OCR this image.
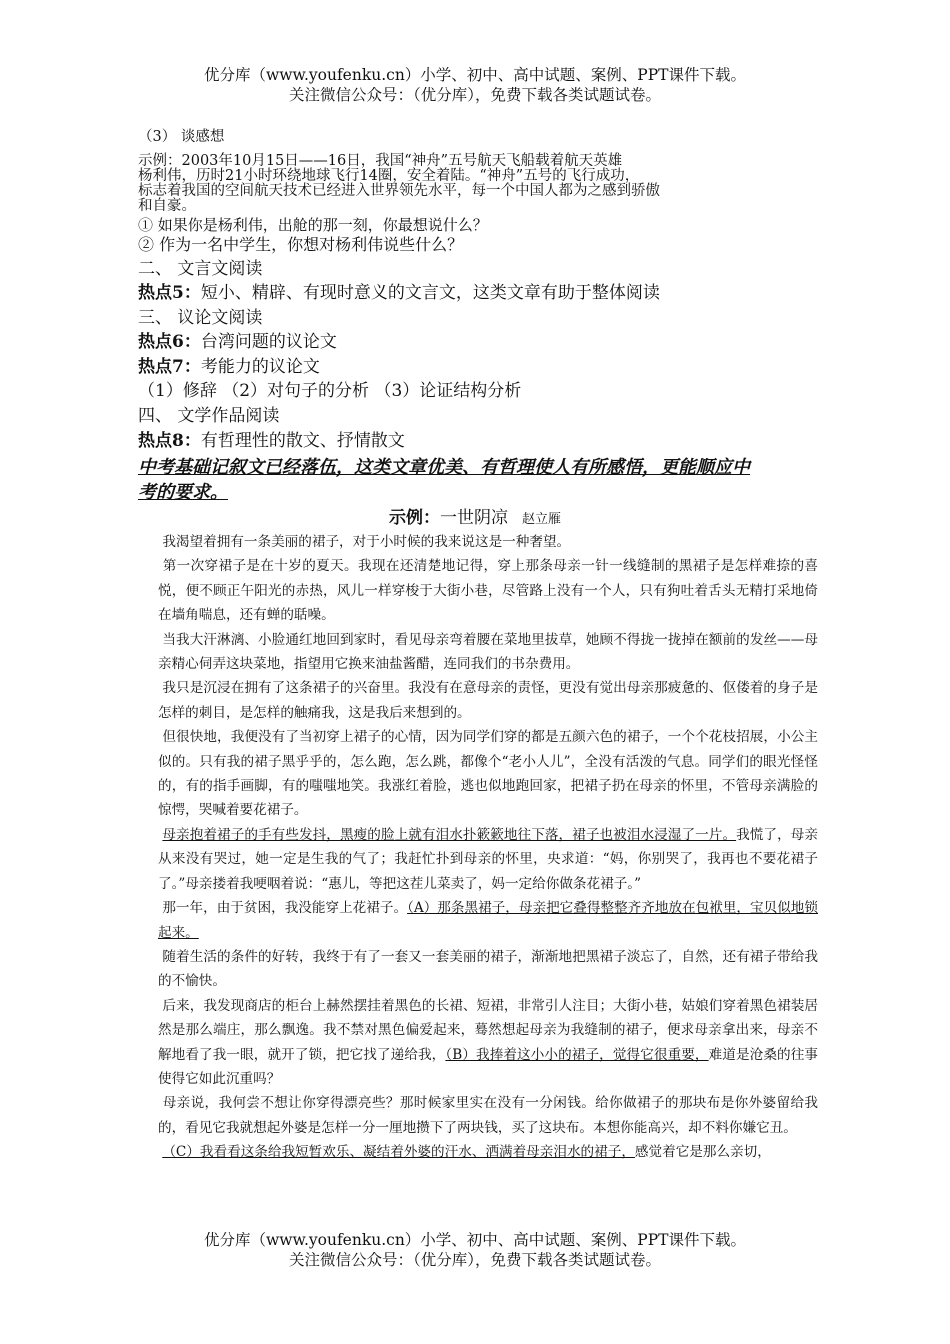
优分库（www.youfenku.cn）小学、初中、高中试题、案例、PPT课件下载。
关注微信公众号：（优分库），免费下载各类试题试卷。
（3） 谈感想
示例：2003年10月15日——16日，我国“神舟”五号航天飞船载着航天英雄
杨利伟，历时21小时环绕地球飞行14圈，安全着陆。“神舟”五号的飞行成功，
标志着我国的空间航天技术已经进入世界领先水平，每一个中国人都为之感到骄傲
和自豪。
① 如果你是杨利伟，出舱的那一刻，你最想说什么？
② 作为一名中学生，你想对杨利伟说些什么？
二、 文言文阅读
热点5：短小、精辟、有现时意义的文言文，这类文章有助于整体阅读
三、 议论文阅读
热点6：台湾问题的议论文
热点7：考能力的议论文
（1）修辞 （2）对句子的分析 （3）论证结构分析
四、 文学作品阅读
热点8：有哲理性的散文、抒情散文
中考基础记叙文已经落伍，这类文章优美、有哲理使人有所感悟，更能顺应中
考的要求。
示例：一世阴凉 赵立雁

我渴望着拥有一条美丽的裙子，对于小时候的我来说这是一种奢望。

第一次穿裙子是在十岁的夏天。我现在还清楚地记得，穿上那条母亲一针一线缝制的黑裙子是怎样难捺的喜悦，便不顾正午阳光的赤热，风儿一样穿梭于大街小巷，尽管路上没有一个人，只有狗吐着舌头无精打采地倚在墙角喘息，还有蝉的聒噪。

当我大汗淋漓、小脸通红地回到家时，看见母亲弯着腰在菜地里拔草，她顾不得拢一拢掉在额前的发丝——母亲精心伺弄这块菜地，指望用它换来油盐酱醋，连同我们的书杂费用。

我只是沉浸在拥有了这条裙子的兴奋里。我没有在意母亲的责怪，更没有觉出母亲那疲惫的、伛偻着的身子是怎样的刺目，是怎样的触痛我，这是我后来想到的。

但很快地，我便没有了当初穿上裙子的心情，因为同学们穿的都是五颜六色的裙子，一个个花枝招展，小公主似的。只有我的裙子黑乎乎的，怎么跑，怎么跳，都像个“老小人儿”，全没有活泼的气息。同学们的眼光怪怪的，有的指手画脚，有的嗤嗤地笑。我涨红着脸，逃也似地跑回家，把裙子扔在母亲的怀里，不管母亲满脸的惊愕，哭喊着要花裙子。

母亲抱着裙子的手有些发抖，黑瘦的脸上就有泪水扑簌簌地往下落，裙子也被泪水浸湿了一片。我慌了，母亲从来没有哭过，她一定是生我的气了；我赶忙扑到母亲的怀里，央求道：“妈，你别哭了，我再也不要花裙子了。”母亲搂着我哽咽着说：“惠儿，等把这茬儿菜卖了，妈一定给你做条花裙子。”

那一年，由于贫困，我没能穿上花裙子。（A）那条黑裙子，母亲把它叠得整整齐齐地放在包袱里，宝贝似地锁起来。

随着生活的条件的好转，我终于有了一套又一套美丽的裙子，渐渐地把黑裙子淡忘了，自然，还有裙子带给我的不愉快。

后来，我发现商店的柜台上赫然摆挂着黑色的长裙、短裙，非常引人注目；大街小巷，姑娘们穿着黑色裙装居然是那么端庄，那么飘逸。我不禁对黑色偏爱起来，蓦然想起母亲为我缝制的裙子，便求母亲拿出来，母亲不解地看了我一眼，就开了锁，把它找了递给我，（B）我捧着这小小的裙子，觉得它很重要，难道是沧桑的往事使得它如此沉重吗？

母亲说，我何尝不想让你穿得漂亮些？那时候家里实在没有一分闲钱。给你做裙子的那块布是你外婆留给我的，看见它我就想起外婆是怎样一分一厘地攒下了两块钱，买了这块布。本想你能高兴，却不料你嫌它丑。

（C）我看看这条给我短暂欢乐、凝结着外婆的汗水、洒满着母亲泪水的裙子，感觉着它是那么亲切，

优分库（www.youfenku.cn）小学、初中、高中试题、案例、PPT课件下载。
关注微信公众号：（优分库），免费下载各类试题试卷。
